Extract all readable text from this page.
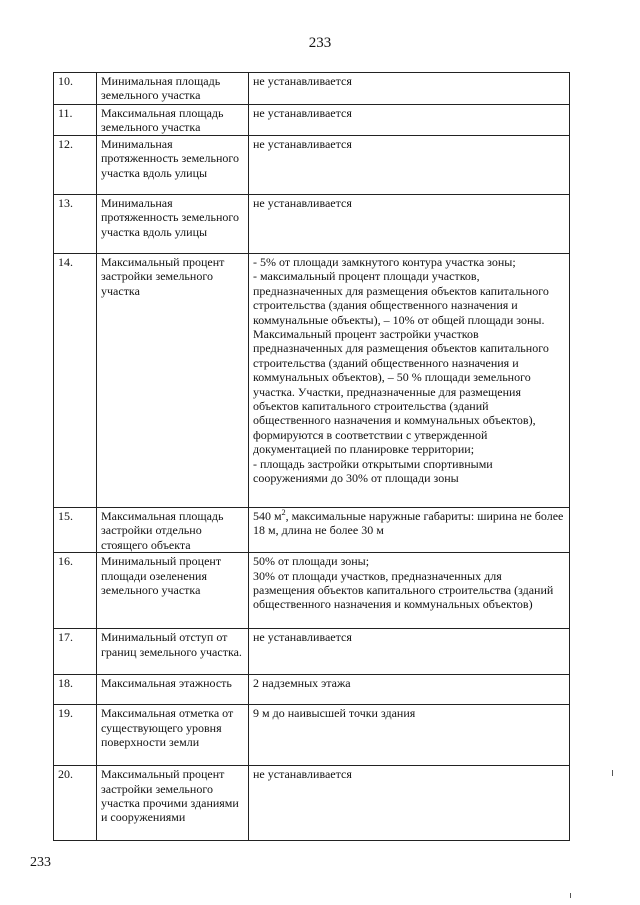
233
10.	Минимальная площадь земельного участка	не устанавливается
11.	Максимальная площадь земельного участка	не устанавливается
12.	Минимальная протяженность земельного участка вдоль улицы	не устанавливается
13.	Минимальная протяженность земельного участка вдоль улицы	не устанавливается
14.	Максимальный процент застройки земельного участка	- 5% от площади замкнутого контура участка зоны;
- максимальный процент площади участков, предназначенных для размещения объектов капитального строительства (здания общественного назначения и коммунальные объекты), – 10% от общей площади зоны. Максимальный процент застройки участков предназначенных для размещения объектов капитального строительства (зданий общественного назначения и коммунальных объектов), – 50 % площади земельного участка. Участки, предназначенные для размещения объектов капитального строительства (зданий общественного назначения и коммунальных объектов), формируются в соответствии с утвержденной документацией по планировке территории;
- площадь застройки открытыми спортивными сооружениями до 30% от площади зоны

15.	Максимальная площадь застройки отдельно стоящего объекта	540 $м^2$, максимальные наружные габариты: ширина не более 18 м, длина не более 30 м
16.	Минимальный процент площади озеленения земельного участка	50% от площади зоны;
30% от площади участков, предназначенных для размещения объектов капитального строительства (зданий общественного назначения и коммунальных объектов)

17.	Минимальный отступ от границ земельного участка.	не устанавливается
18.	Максимальная этажность	2 надземных этажа
19.	Максимальная отметка от существующего уровня поверхности земли	9 м до наивысшей точки здания
20.	Максимальный процент застройки земельного участка прочими зданиями и сооружениями	не устанавливается
233
